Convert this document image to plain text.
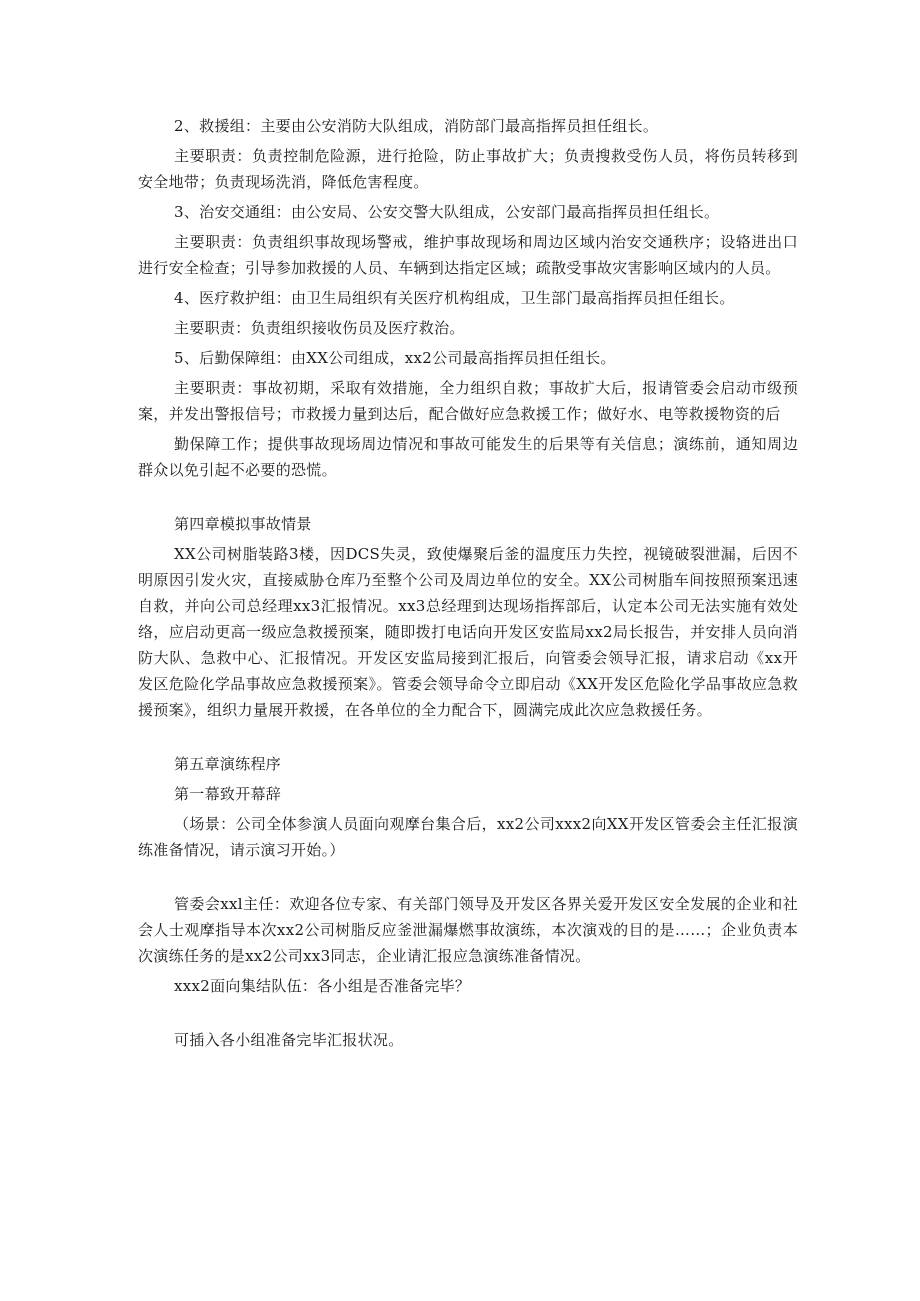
2、救援组：主要由公安消防大队组成，消防部门最高指挥员担任组长。

主要职责：负责控制危险源，进行抢险，防止事故扩大；负责搜救受伤人员，将伤员转移到安全地带；负责现场洗消，降低危害程度。

3、治安交通组：由公安局、公安交警大队组成，公安部门最高指挥员担任组长。

主要职责：负责组织事故现场警戒，维护事故现场和周边区域内治安交通秩序；设辂进出口进行安全检查；引导参加救援的人员、车辆到达指定区域；疏散受事故灾害影响区域内的人员。

4、医疗救护组：由卫生局组织有关医疗机构组成，卫生部门最高指挥员担任组长。

主要职责：负责组织接收伤员及医疗救治。

5、后勤保障组：由XX公司组成，xx2公司最高指挥员担任组长。

主要职责：事故初期，采取有效措施，全力组织自救；事故扩大后，报请管委会启动市级预案，并发出警报信号；市救援力量到达后，配合做好应急救援工作；做好水、电等救援物资的后

勤保障工作；提供事故现场周边情况和事故可能发生的后果等有关信息；演练前，通知周边群众以免引起不必要的恐慌。

第四章模拟事故情景

XX公司树脂装路3楼，因DCS失灵，致使爆聚后釜的温度压力失控，视镜破裂泄漏，后因不明原因引发火灾，直接威胁仓库乃至整个公司及周边单位的安全。XX公司树脂车间按照预案迅速自救，并向公司总经理xx3汇报情况。xx3总经理到达现场指挥部后，认定本公司无法实施有效处络，应启动更高一级应急救援预案，随即拨打电话向开发区安监局xx2局长报告，并安排人员向消防大队、急救中心、汇报情况。开发区安监局接到汇报后，向管委会领导汇报，请求启动《xx开发区危险化学品事故应急救援预案》。管委会领导命令立即启动《XX开发区危险化学品事故应急救援预案》，组织力量展开救援，在各单位的全力配合下，圆满完成此次应急救援任务。

第五章演练程序

第一幕致开幕辞

（场景：公司全体参演人员面向观摩台集合后，xx2公司xxx2向XX开发区管委会主任汇报演练准备情况，请示演习开始。）

管委会xxl主任：欢迎各位专家、有关部门领导及开发区各界关爱开发区安全发展的企业和社会人士观摩指导本次xx2公司树脂反应釜泄漏爆燃事故演练，本次演戏的目的是……；企业负责本次演练任务的是xx2公司xx3同志，企业请汇报应急演练准备情况。

xxx2面向集结队伍：各小组是否准备完毕？

可插入各小组准备完毕汇报状况。
